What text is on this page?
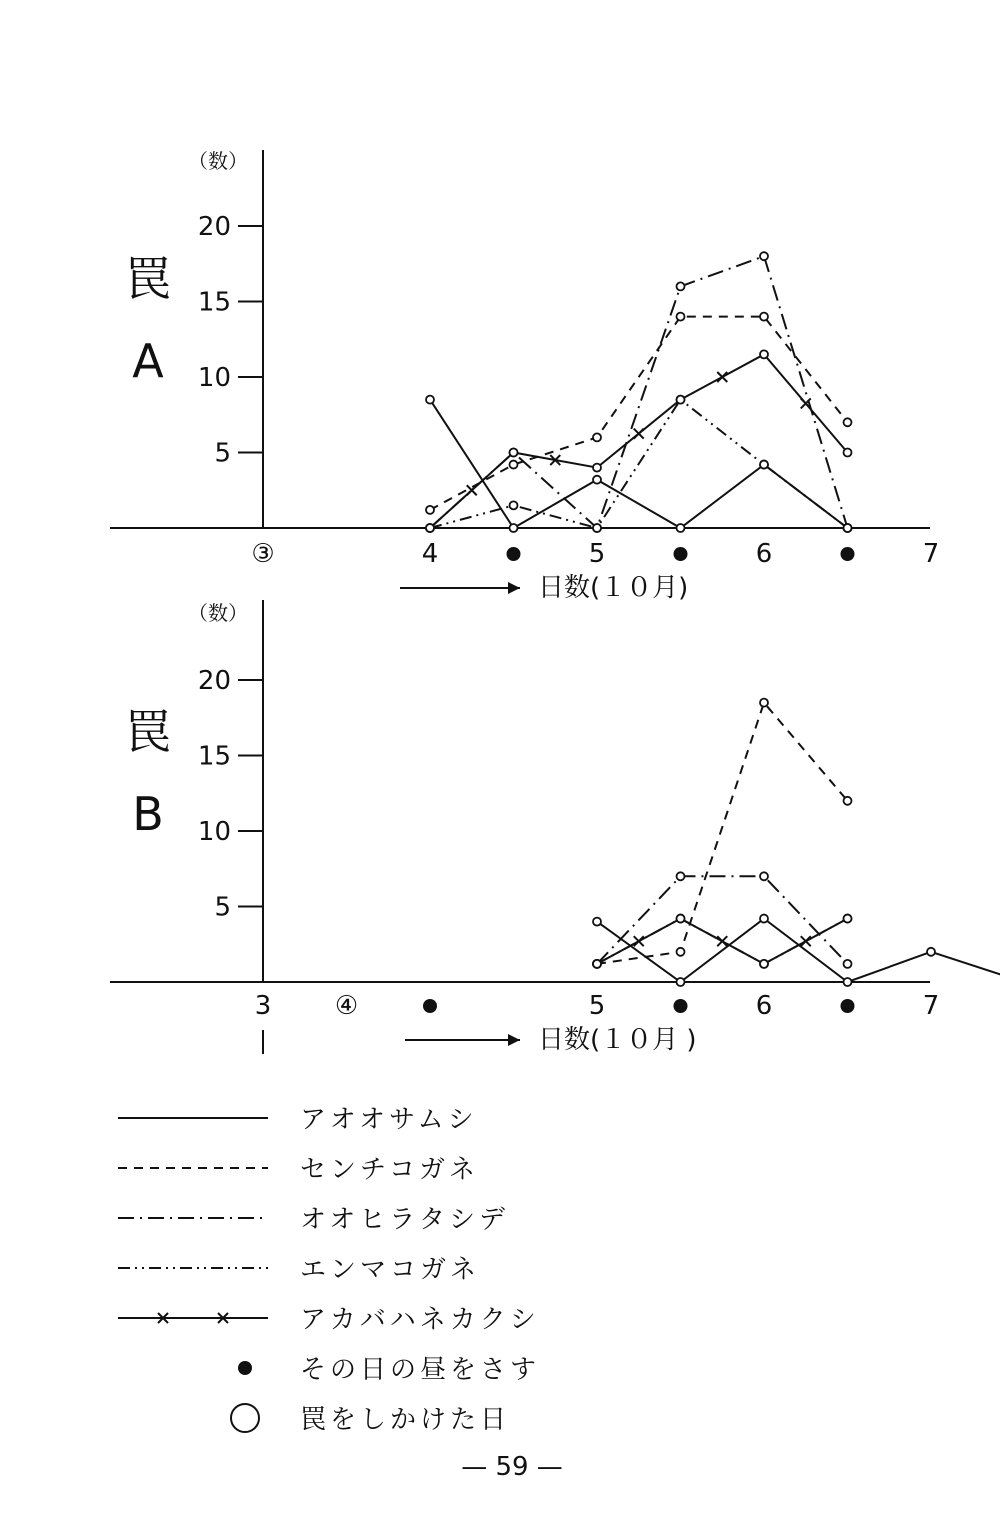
5
10
15
20
（数）
罠
A
③	4	5	6	7
日数(１０月)
5
10
15
20
（数）
罠
B
3 ④	5	6	7
日数(１０月 )
アオオサムシ
センチコガネ
オオヒラタシデ
エンマコガネ
アカバハネカクシ
その日の昼をさす
罠をしかけた日
— 59 —
